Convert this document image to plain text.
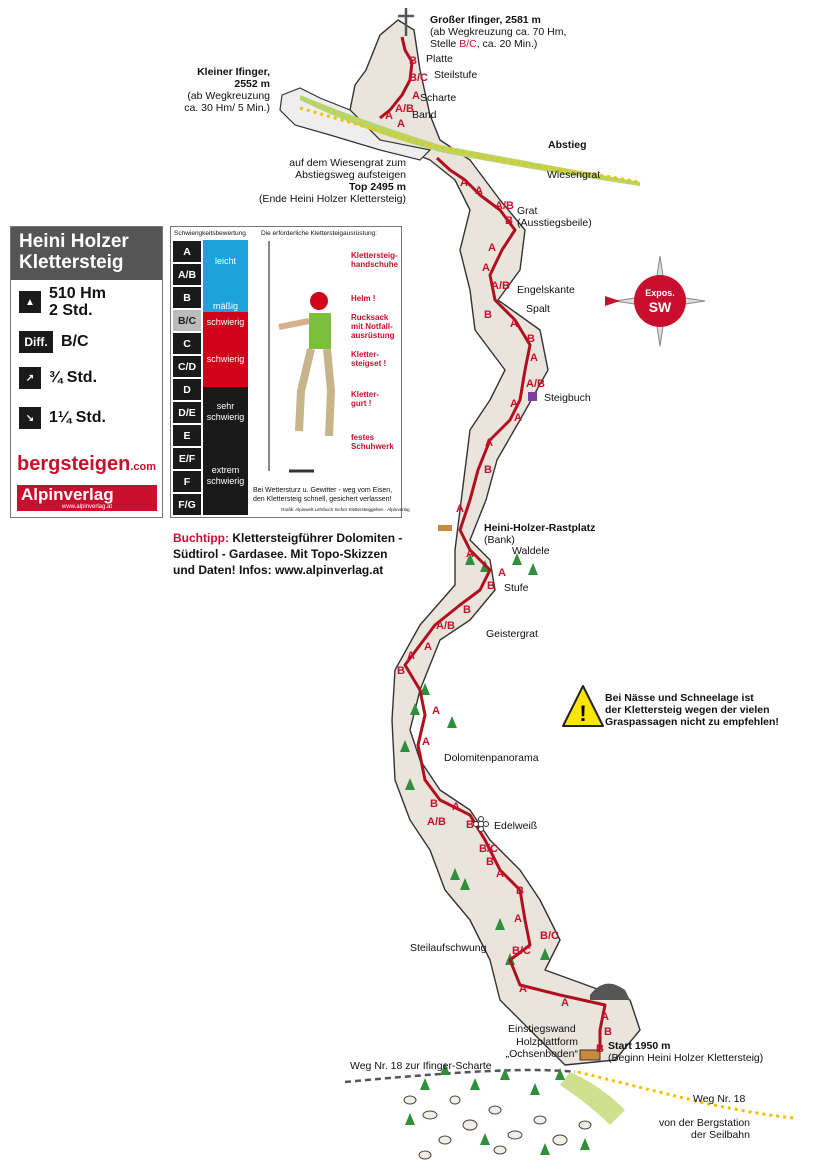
!
A
A/B
A
B/C
B
A
A
A
A/B
B
A
A
A/B
B
A
B
A
A/B
A
A
A
B
A
A
A
B
B
A/B
A
A
B
A
A
B A
A/B B
B/C
B
A
B
A
B/C
B/C
A
A
A
B
B
Großer Ifinger, 2581 m
(ab Wegkreuzung ca. 70 Hm,
Stelle B/C, ca. 20 Min.)
Kleiner Ifinger,
2552 m
(ab Wegkreuzung
ca. 30 Hm/ 5 Min.)
Platte
Steilstufe
Scharte
Band
Abstieg
Wiesengrat
auf dem Wiesengrat zum
Abstiegsweg aufsteigen
Top 2495 m
(Ende Heini Holzer Klettersteig)
Grat
(Ausstiegsbeile)
Engelskante
Spalt
Steigbuch
Heini-Holzer-Rastplatz
(Bank)
Waldele
Stufe
Geistergrat
Dolomitenpanorama
Edelweiß
Steilaufschwung
Einstiegswand
Holzplattform
„Ochsenboden“
Start 1950 m
(Beginn Heini Holzer Klettersteig)
Weg Nr. 18 zur Ifinger-Scharte
Weg Nr. 18
von der Bergstation
der Seilbahn
Expos.
SW
Bei Nässe und Schneelage ist
der Klettersteig wegen der vielen
Graspassagen nicht zu empfehlen!
Heini Holzer
Klettersteig
▲ 510 Hm
2 Std.
Diff. B/C
↗ ¾ Std.
↘ 1¼ Std.
bergsteigen.com
Alpinverlag
www.alpinverlag.at
Schwierigkeitsbewertung Die erforderliche Klettersteigausrüstung:
A
A/B
B
B/C
C
C/D
D
D/E
E
E/F
F
F/G
leicht
mäßig
schwierig
schwierig
sehr
schwierig
extrem
schwierig
Klettersteig-
handschuhe
Helm !
Rucksack
mit Notfall-
ausrüstung
Kletter-
steigset !
Kletter-
gurt !
festes
Schuhwerk
Bei Wettersturz u. Gewitter - weg vom Eisen,
den Klettersteig schnell, gesichert verlassen!
Grafik: Alpinwelt Lehrbuch Sicher Klettersteiggehen - Alpinverlag
Buchtipp: Klettersteigführer Dolomiten -
Südtirol - Gardasee. Mit Topo-Skizzen
und Daten! Infos: www.alpinverlag.at
